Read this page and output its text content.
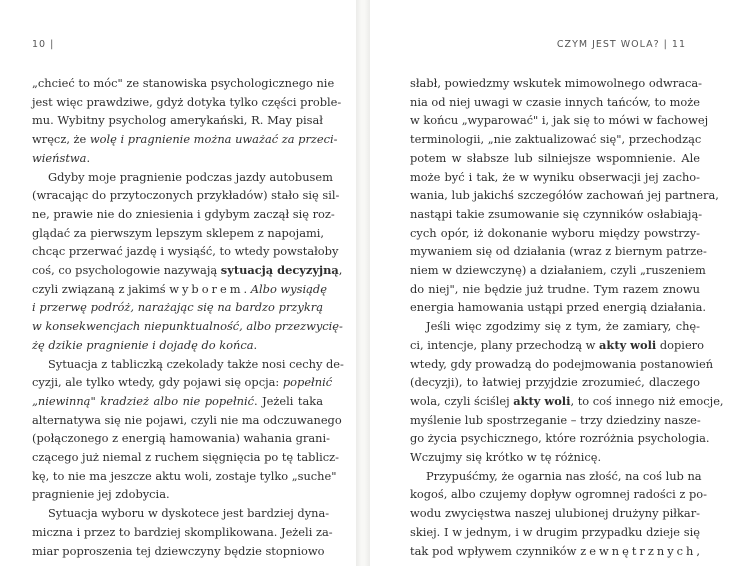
10 |
„chcieć to móc" ze stanowiska psychologicznego nie
jest więc prawdziwe, gdyż dotyka tylko części proble-
mu. Wybitny psycholog amerykański, R. May pisał
wręcz, że wolę i pragnienie można uważać za przeci-
wieństwa.
Gdyby moje pragnienie podczas jazdy autobusem
(wracając do przytoczonych przykładów) stało się sil-
ne, prawie nie do zniesienia i gdybym zaczął się roz-
glądać za pierwszym lepszym sklepem z napojami,
chcąc przerwać jazdę i wysiąść, to wtedy powstałoby
coś, co psychologowie nazywają sytuacją decyzyjną,
czyli związaną z jakimś wyborem. Albo wysiądę
i przerwę podróż, narażając się na bardzo przykrą
w konsekwencjach niepunktualność, albo przezwycię-
żę dzikie pragnienie i dojadę do końca.
Sytuacja z tabliczką czekolady także nosi cechy de-
cyzji, ale tylko wtedy, gdy pojawi się opcja: popełnić
„niewinną" kradzież albo nie popełnić. Jeżeli taka
alternatywa się nie pojawi, czyli nie ma odczuwanego
(połączonego z energią hamowania) wahania grani-
czącego już niemal z ruchem sięgnięcia po tę tablicz-
kę, to nie ma jeszcze aktu woli, zostaje tylko „suche"
pragnienie jej zdobycia.
Sytuacja wyboru w dyskotece jest bardziej dyna-
miczna i przez to bardziej skomplikowana. Jeżeli za-
miar poproszenia tej dziewczyny będzie stopniowo
CZYM JEST WOLA? | 11
słabł, powiedzmy wskutek mimowolnego odwraca-
nia od niej uwagi w czasie innych tańców, to może
w końcu „wyparować" i, jak się to mówi w fachowej
terminologii, „nie zaktualizować się", przechodząc
potem w słabsze lub silniejsze wspomnienie. Ale
może być i tak, że w wyniku obserwacji jej zacho-
wania, lub jakichś szczegółów zachowań jej partnera,
nastąpi takie zsumowanie się czynników osłabiają-
cych opór, iż dokonanie wyboru między powstrzy-
mywaniem się od działania (wraz z biernym patrze-
niem w dziewczynę) a działaniem, czyli „ruszeniem
do niej", nie będzie już trudne. Tym razem znowu
energia hamowania ustąpi przed energią działania.
Jeśli więc zgodzimy się z tym, że zamiary, chę-
ci, intencje, plany przechodzą w akty woli dopiero
wtedy, gdy prowadzą do podejmowania postanowień
(decyzji), to łatwiej przyjdzie zrozumieć, dlaczego
wola, czyli ściślej akty woli, to coś innego niż emocje,
myślenie lub spostrzeganie – trzy dziedziny nasze-
go życia psychicznego, które rozróżnia psychologia.
Wczujmy się krótko w tę różnicę.
Przypuśćmy, że ogarnia nas złość, na coś lub na
kogoś, albo czujemy dopływ ogromnej radości z po-
wodu zwycięstwa naszej ulubionej drużyny piłkar-
skiej. I w jednym, i w drugim przypadku dzieje się
tak pod wpływem czynników zewnętrznych,
